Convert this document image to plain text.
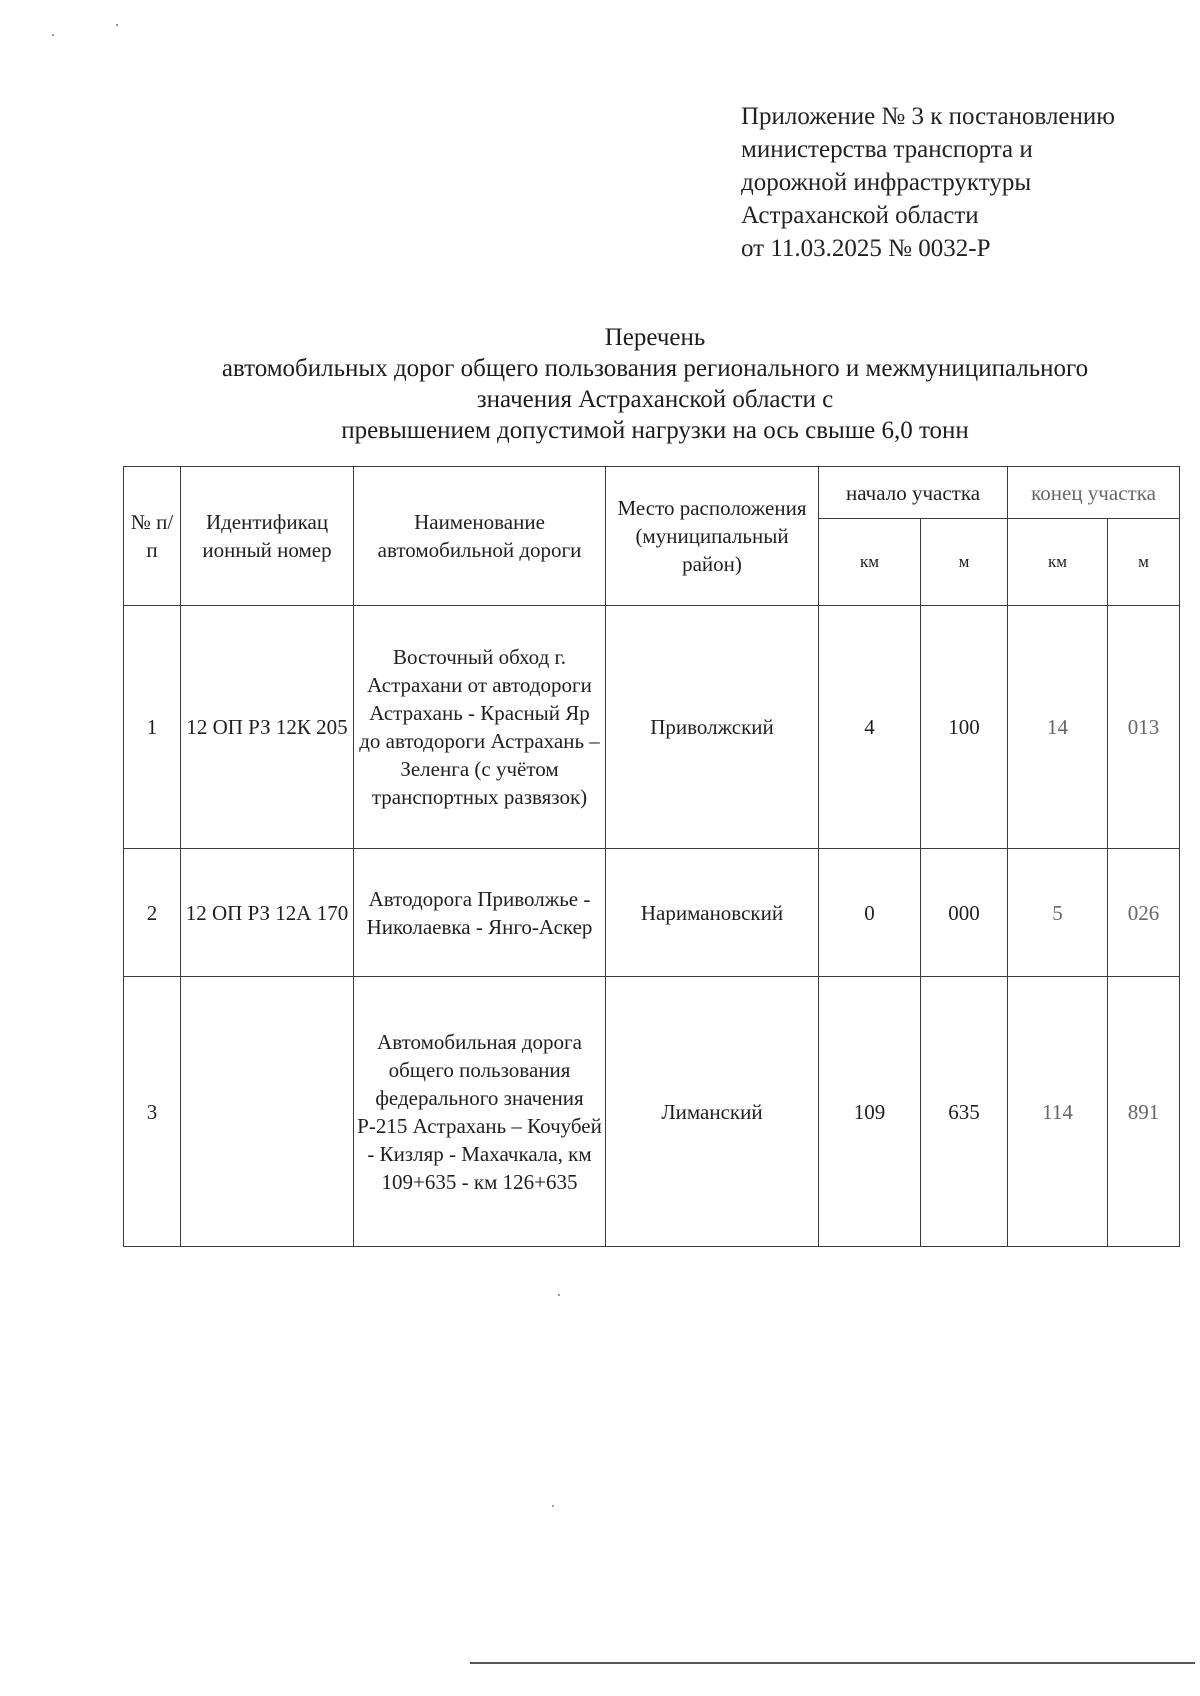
Приложение № 3 к постановлению
министерства транспорта и
дорожной инфраструктуры
Астраханской области
от 11.03.2025 № 0032-Р
Перечень
автомобильных дорог общего пользования регионального и межмуниципального
значения Астраханской области с
превышением допустимой нагрузки на ось свыше 6,0 тонн
№ п/п	Идентификац ионный номер	Наименование автомобильной дороги	Место расположения (муниципальный район)	начало участка		конец участка	
				км	м	км	м
1	12 ОП РЗ 12К 205	Восточный обход г. Астрахани от автодороги Астрахань - Красный Яр до автодороги Астрахань – Зеленга (с учётом транспортных развязок)	Приволжский	4	100	14	013
2	12 ОП РЗ 12А 170	Автодорога Приволжье - Николаевка - Янго-Аскер	Наримановский	0	000	5	026
3		Автомобильная дорога общего пользования федерального значения Р-215 Астрахань – Кочубей - Кизляр - Махачкала, км 109+635 - км 126+635	Лиманский	109	635	114	891
